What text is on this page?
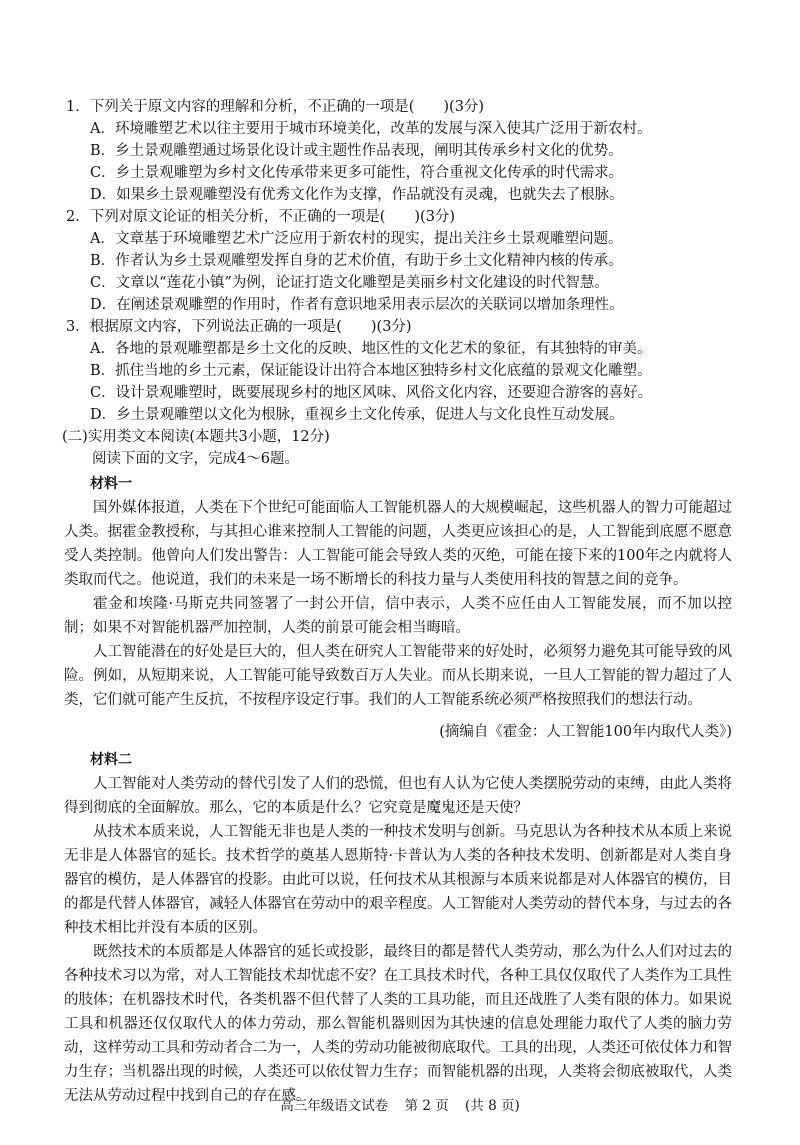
1．下列关于原文内容的理解和分析，不正确的一项是(　　)(3分)
A．环境雕塑艺术以往主要用于城市环境美化，改革的发展与深入使其广泛用于新农村。
B．乡土景观雕塑通过场景化设计或主题性作品表现，阐明其传承乡村文化的优势。
C．乡土景观雕塑为乡村文化传承带来更多可能性，符合重视文化传承的时代需求。
D．如果乡土景观雕塑没有优秀文化作为支撑，作品就没有灵魂，也就失去了根脉。
2．下列对原文论证的相关分析，不正确的一项是(　　)(3分)
A．文章基于环境雕塑艺术广泛应用于新农村的现实，提出关注乡土景观雕塑问题。
B．作者认为乡土景观雕塑发挥自身的艺术价值，有助于乡土文化精神内核的传承。
C．文章以“莲花小镇”为例，论证打造文化雕塑是美丽乡村文化建设的时代智慧。
D．在阐述景观雕塑的作用时，作者有意识地采用表示层次的关联词以增加条理性。
3．根据原文内容，下列说法正确的一项是(　　)(3分)
A．各地的景观雕塑都是乡土文化的反映、地区性的文化艺术的象征，有其独特的审美。
B．抓住当地的乡土元素，保证能设计出符合本地区独特乡村文化底蕴的景观文化雕塑。
C．设计景观雕塑时，既要展现乡村的地区风味、风俗文化内容，还要迎合游客的喜好。
D．乡土景观雕塑以文化为根脉，重视乡土文化传承，促进人与文化良性互动发展。
(二)实用类文本阅读(本题共3小题，12分)
阅读下面的文字，完成4～6题。
材料一

国外媒体报道，人类在下个世纪可能面临人工智能机器人的大规模崛起，这些机器人的智力可能超过人类。据霍金教授称，与其担心谁来控制人工智能的问题，人类更应该担心的是，人工智能到底愿不愿意受人类控制。他曾向人们发出警告：人工智能可能会导致人类的灭绝，可能在接下来的100年之内就将人类取而代之。他说道，我们的未来是一场不断增长的科技力量与人类使用科技的智慧之间的竞争。

霍金和埃隆·马斯克共同签署了一封公开信，信中表示，人类不应任由人工智能发展，而不加以控制；如果不对智能机器严加控制，人类的前景可能会相当晦暗。

人工智能潜在的好处是巨大的，但人类在研究人工智能带来的好处时，必须努力避免其可能导致的风险。例如，从短期来说，人工智能可能导致数百万人失业。而从长期来说，一旦人工智能的智力超过了人类，它们就可能产生反抗，不按程序设定行事。我们的人工智能系统必须严格按照我们的想法行动。

(摘编自《霍金：人工智能100年内取代人类》)
材料二

人工智能对人类劳动的替代引发了人们的恐慌，但也有人认为它使人类摆脱劳动的束缚，由此人类将得到彻底的全面解放。那么，它的本质是什么？它究竟是魔鬼还是天使？

从技术本质来说，人工智能无非也是人类的一种技术发明与创新。马克思认为各种技术从本质上来说无非是人体器官的延长。技术哲学的奠基人恩斯特·卡普认为人类的各种技术发明、创新都是对人类自身器官的模仿，是人体器官的投影。由此可以说，任何技术从其根源与本质来说都是对人体器官的模仿，目的都是代替人体器官，减轻人体器官在劳动中的艰辛程度。人工智能对人类劳动的替代本身，与过去的各种技术相比并没有本质的区别。

既然技术的本质都是人体器官的延长或投影，最终目的都是替代人类劳动，那么为什么人们对过去的各种技术习以为常，对人工智能技术却忧虑不安？在工具技术时代，各种工具仅仅取代了人类作为工具性的肢体；在机器技术时代，各类机器不但代替了人类的工具功能，而且还战胜了人类有限的体力。如果说工具和机器还仅仅取代人的体力劳动，那么智能机器则因为其快速的信息处理能力取代了人类的脑力劳动，这样劳动工具和劳动者合二为一，人类的劳动功能被彻底取代。工具的出现，人类还可依仗体力和智力生存；当机器出现的时候，人类还可以依仗智力生存；而智能机器的出现，人类将会彻底被取代，人类无法从劳动过程中找到自己的存在感。

高三年级语文试卷 第 2 页 (共 8 页)
